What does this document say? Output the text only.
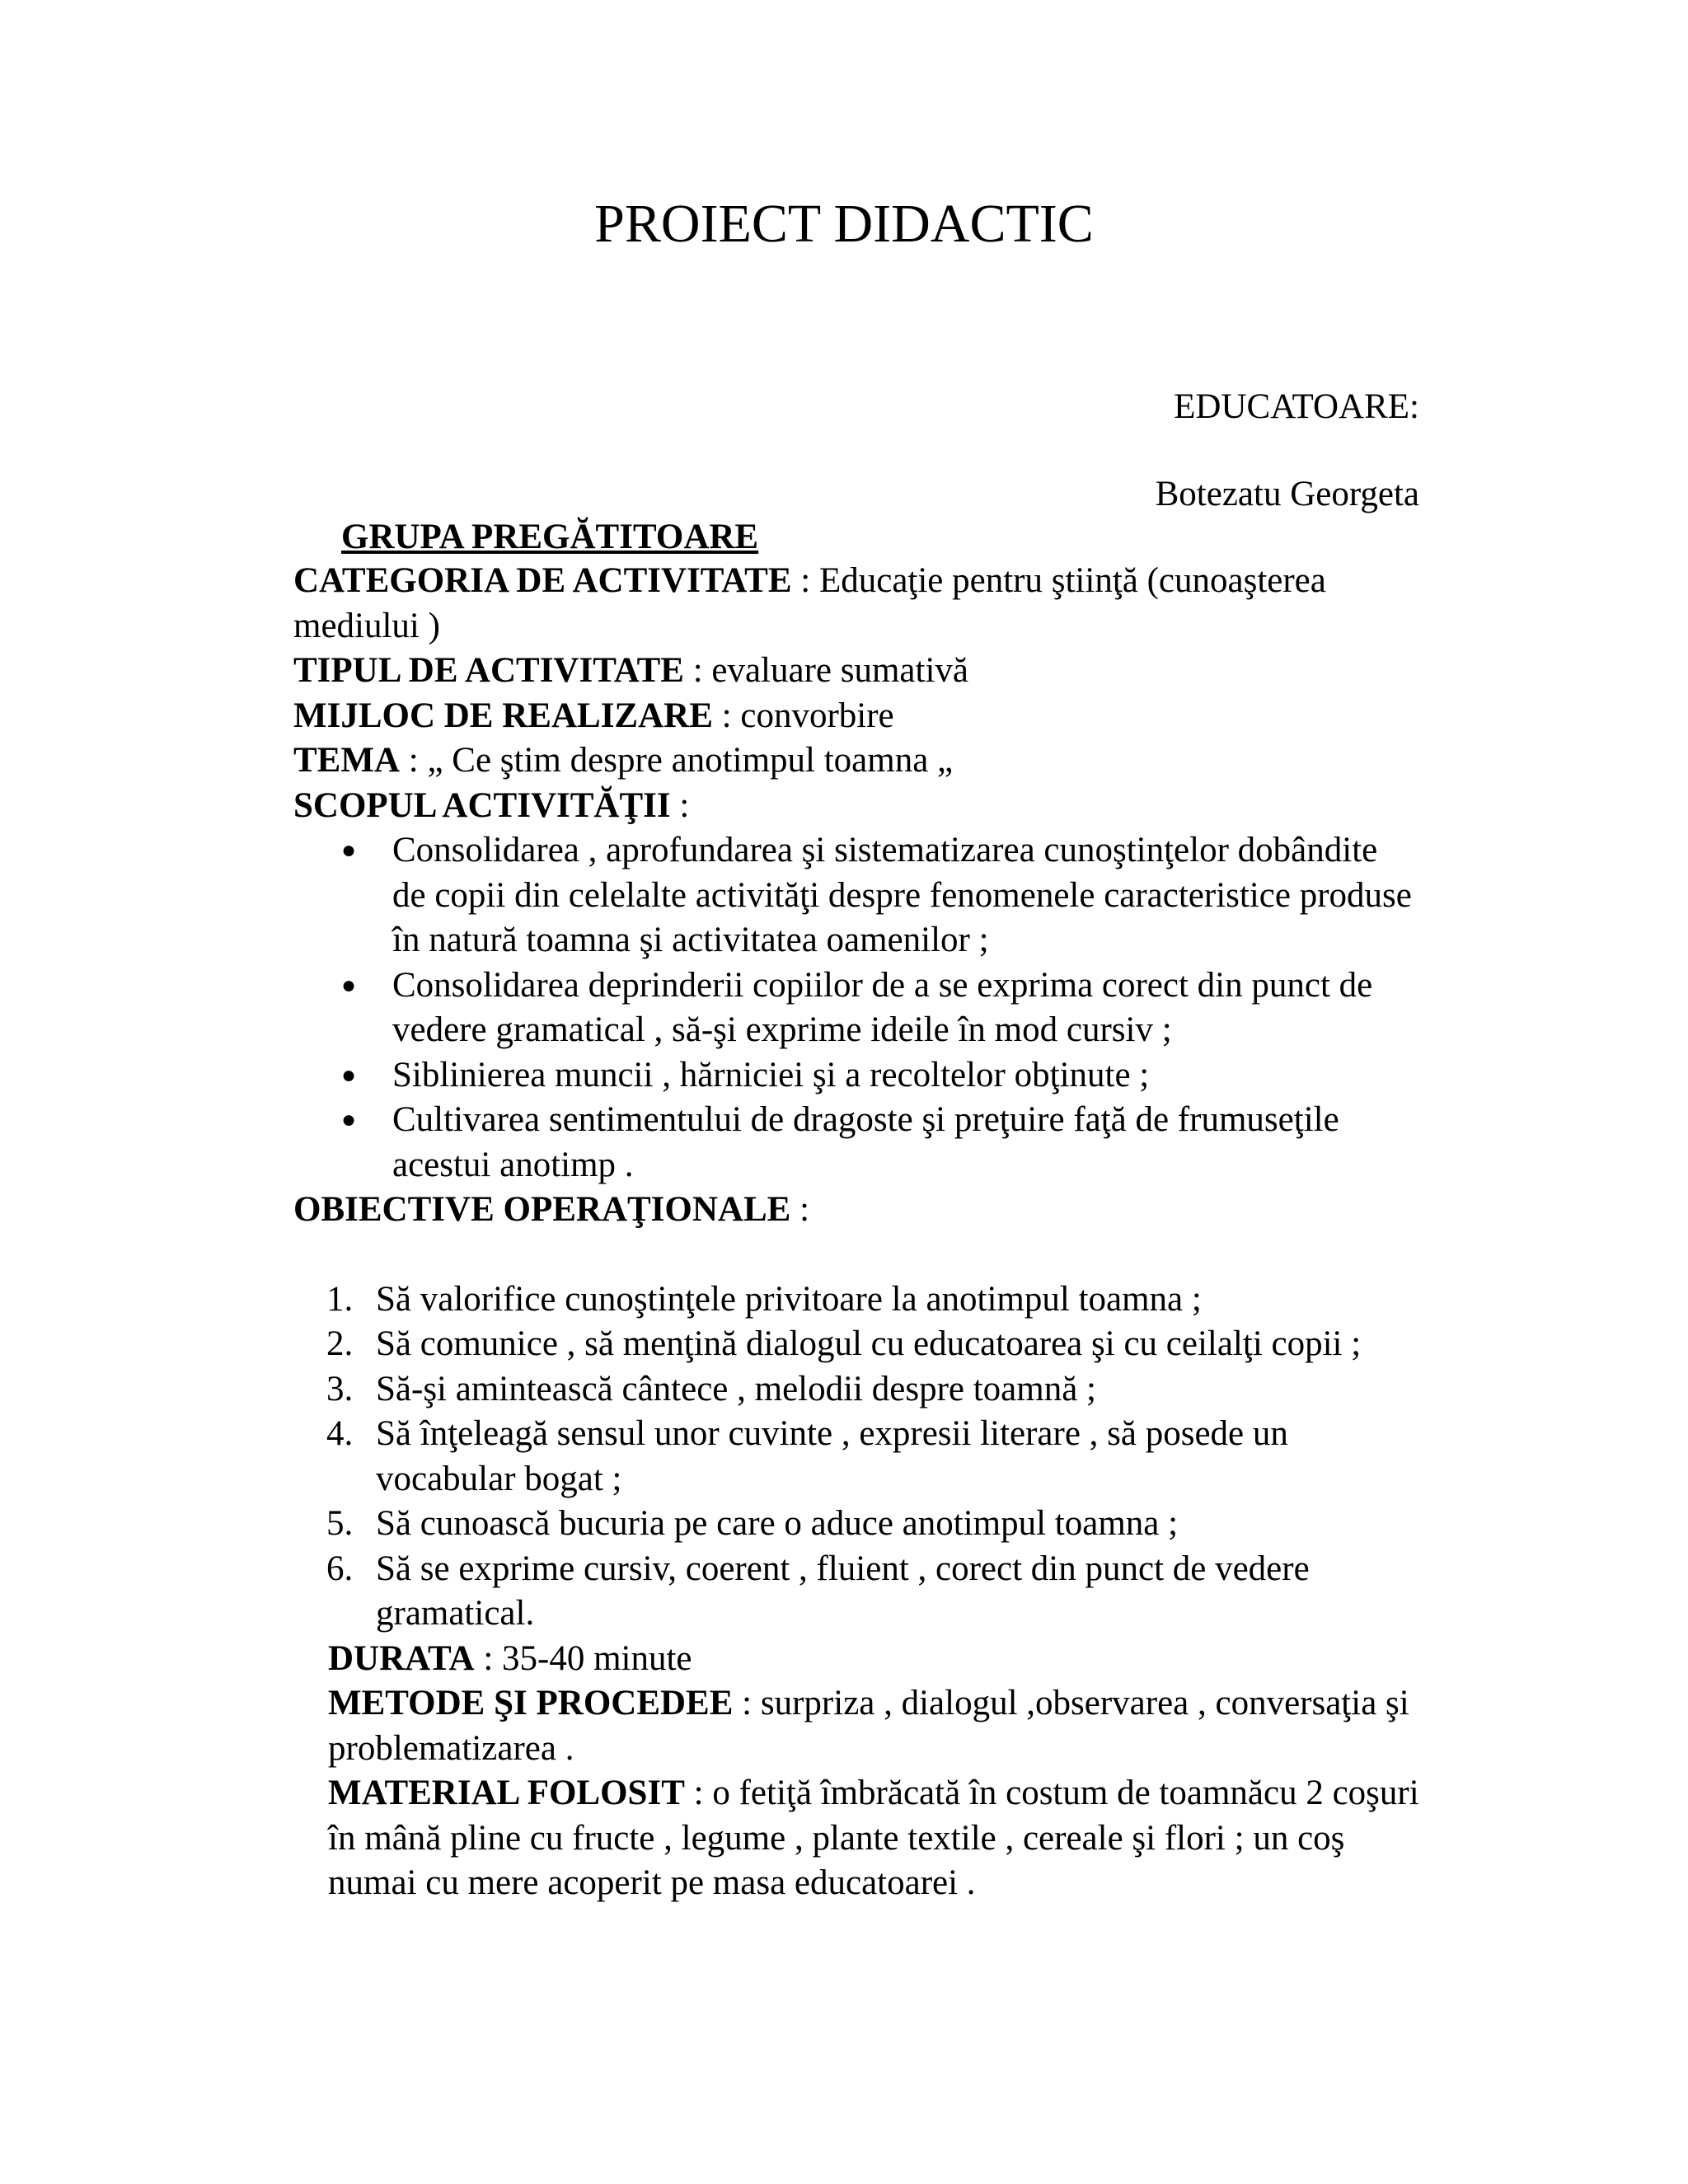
PROIECT DIDACTIC
EDUCATOARE:
Botezatu Georgeta
GRUPA PREGĂTITOARE

CATEGORIA DE ACTIVITATE : Educaţie pentru ştiinţă (cunoaşterea
mediului )

TIPUL DE ACTIVITATE : evaluare sumativă

MIJLOC DE REALIZARE : convorbire

TEMA : „ Ce ştim despre anotimpul toamna „

SCOPUL ACTIVITĂŢII :

● Consolidarea , aprofundarea şi sistematizarea cunoştinţelor dobândite de copii din celelalte activităţi despre fenomenele caracteristice produse în natură toamna şi activitatea oamenilor ;
● Consolidarea deprinderii copiilor de a se exprima corect din punct de vedere gramatical , să-şi exprime ideile în mod cursiv ;
● Siblinierea muncii , hărniciei şi a recoltelor obţinute ;
● Cultivarea sentimentului de dragoste şi preţuire faţă de frumuseţile acestui anotimp .

OBIECTIVE OPERAŢIONALE :

1. Să valorifice cunoştinţele privitoare la anotimpul toamna ;
2. Să comunice , să menţină dialogul cu educatoarea şi cu ceilalţi copii ;
3. Să-şi amintească cântece , melodii despre toamnă ;
4. Să înţeleagă sensul unor cuvinte , expresii literare , să posede un vocabular bogat ;
5. Să cunoască bucuria pe care o aduce anotimpul toamna ;
6. Să se exprime cursiv, coerent , fluient , corect din punct de vedere gramatical.

DURATA : 35-40 minute

METODE ŞI PROCEDEE : surpriza , dialogul ,observarea , conversaţia şi problematizarea .

MATERIAL FOLOSIT : o fetiţă îmbrăcată în costum de toamnăcu 2 coşuri în mână pline cu fructe , legume , plante textile , cereale şi flori ; un coş numai cu mere acoperit pe masa educatoarei .
